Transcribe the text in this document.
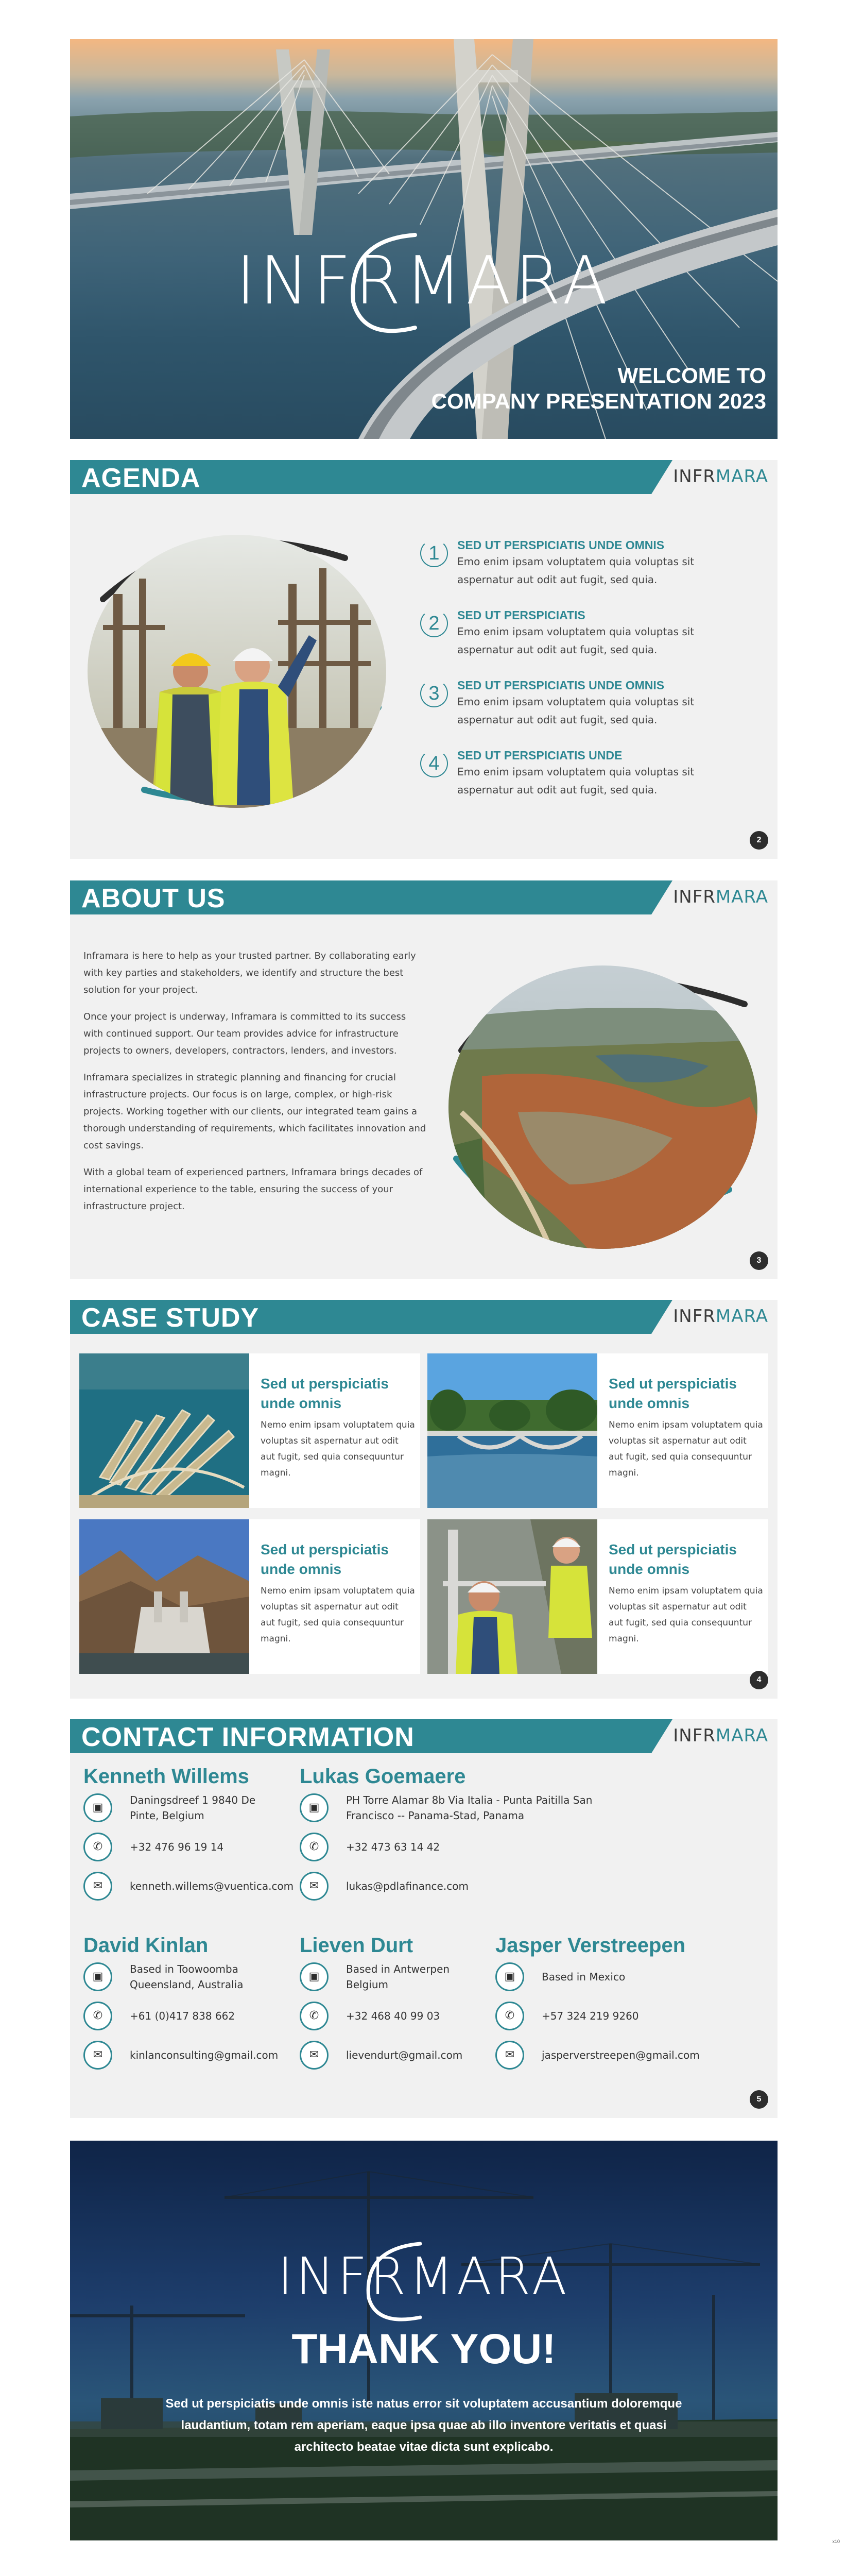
INFRMARA
WELCOME TO
COMPANY PRESENTATION 2023
AGENDA	INFRMARA
1	SED UT PERSPICIATIS UNDE OMNIS
Emo enim ipsam voluptatem quia voluptas sit aspernatur aut odit aut fugit, sed quia.
2	SED UT PERSPICIATIS
Emo enim ipsam voluptatem quia voluptas sit aspernatur aut odit aut fugit, sed quia.
3	SED UT PERSPICIATIS UNDE OMNIS
Emo enim ipsam voluptatem quia voluptas sit aspernatur aut odit aut fugit, sed quia.
4	SED UT PERSPICIATIS UNDE
Emo enim ipsam voluptatem quia voluptas sit aspernatur aut odit aut fugit, sed quia.
2
ABOUT US	INFRMARA

Inframara is here to help as your trusted partner. By collaborating early with key parties and stakeholders, we identify and structure the best solution for your project.

Once your project is underway, Inframara is committed to its success with continued support. Our team provides advice for infrastructure projects to owners, developers, contractors, lenders, and investors.

Inframara specializes in strategic planning and financing for crucial infrastructure projects. Our focus is on large, complex, or high-risk projects. Working together with our clients, our integrated team gains a thorough understanding of requirements, which facilitates innovation and cost savings.

With a global team of experienced partners, Inframara brings decades of international experience to the table, ensuring the success of your infrastructure project.

3
CASE STUDY	INFRMARA
Sed ut perspiciatis unde omnis
Nemo enim ipsam voluptatem quia voluptas sit aspernatur aut odit aut fugit, sed quia consequuntur magni.
Sed ut perspiciatis unde omnis
Nemo enim ipsam voluptatem quia voluptas sit aspernatur aut odit aut fugit, sed quia consequuntur magni.
Sed ut perspiciatis unde omnis
Nemo enim ipsam voluptatem quia voluptas sit aspernatur aut odit aut fugit, sed quia consequuntur magni.
Sed ut perspiciatis unde omnis
Nemo enim ipsam voluptatem quia voluptas sit aspernatur aut odit aut fugit, sed quia consequuntur magni.
4
CONTACT INFORMATION	INFRMARA
Kenneth Willems
▣
Daningsdreef 1 9840 De Pinte, Belgium
✆	+32 476 96 19 14
✉	kenneth.willems@vuentica.com
Lukas Goemaere
▣
PH Torre Alamar 8b Via Italia - Punta Paitilla San Francisco -- Panama-Stad, Panama
✆	+32 473 63 14 42
✉	lukas@pdlafinance.com
David Kinlan
▣
Based in Toowoomba Queensland, Australia
✆	+61 (0)417 838 662
✉	kinlanconsulting@gmail.com
Lieven Durt
▣
Based in Antwerpen Belgium
✆	+32 468 40 99 03
✉	lievendurt@gmail.com
Jasper Verstreepen
▣	Based in Mexico
✆	+57 324 219 9260
✉	jasperverstreepen@gmail.com
5
INFRMARA
THANK YOU!
Sed ut perspiciatis unde omnis iste natus error sit voluptatem accusantium doloremque laudantium, totam rem aperiam, eaque ipsa quae ab illo inventore veritatis et quasi architecto beatae vitae dicta sunt explicabo.
x10
